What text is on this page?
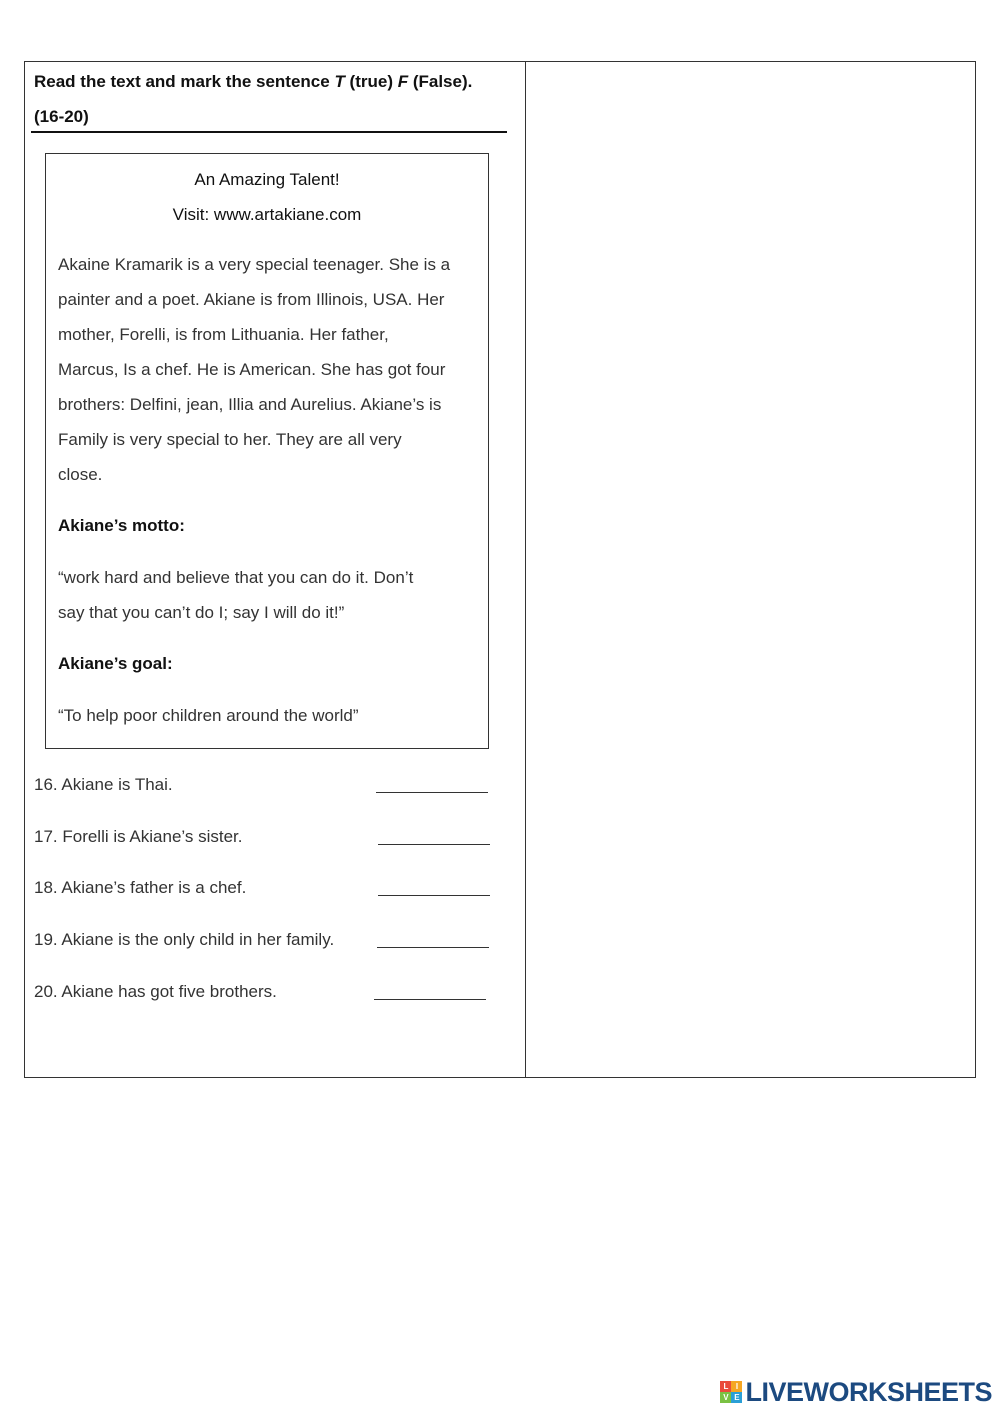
Read the text and mark the sentence T (true) F (False).
(16-20)
An Amazing Talent!
Visit: www.artakiane.com
Akaine Kramarik is a very special teenager. She is a
painter and a poet. Akiane is from Illinois, USA. Her
mother, Forelli, is from Lithuania. Her father,
Marcus, Is a chef. He is American. She has got four
brothers: Delfini, jean, Illia and Aurelius. Akiane’s is
Family is very special to her. They are all very
close.
Akiane’s motto:
“work hard and believe that you can do it. Don’t
say that you can’t do I; say I will do it!”
Akiane’s goal:
“To help poor children around the world”
16. Akiane is Thai.
17. Forelli is Akiane’s sister.
18. Akiane’s father is a chef.
19. Akiane is the only child in her family.
20. Akiane has got five brothers.
L I
V E LIVEWORKSHEETS
